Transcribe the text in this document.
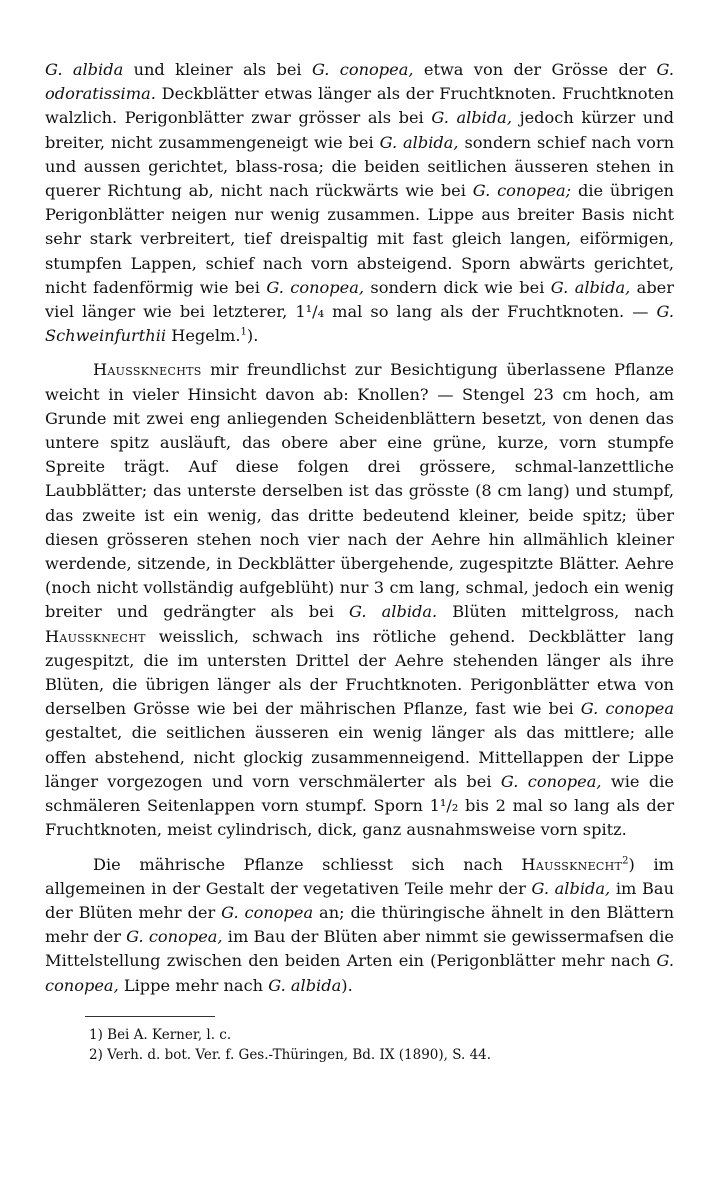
G. albida und kleiner als bei G. conopea, etwa von der Grösse der G. odoratissima. Deckblätter etwas länger als der Fruchtknoten. Fruchtknoten walzlich. Perigonblätter zwar grösser als bei G. albida, jedoch kürzer und breiter, nicht zusammengeneigt wie bei G. albida, sondern schief nach vorn und aussen gerichtet, blass-rosa; die beiden seitlichen äusseren stehen in querer Richtung ab, nicht nach rückwärts wie bei G. conopea; die übrigen Perigonblätter neigen nur wenig zusammen. Lippe aus breiter Basis nicht sehr stark verbreitert, tief dreispaltig mit fast gleich langen, eiförmigen, stumpfen Lappen, schief nach vorn absteigend. Sporn abwärts gerichtet, nicht fadenförmig wie bei G. conopea, sondern dick wie bei G. albida, aber viel länger wie bei letzterer, 1¹/₄ mal so lang als der Fruchtknoten. — G. Schweinfurthii Hegelm.$^1$).

Haussknechts mir freundlichst zur Besichtigung überlassene Pflanze weicht in vieler Hinsicht davon ab: Knollen? — Stengel 23 cm hoch, am Grunde mit zwei eng anliegenden Scheidenblättern besetzt, von denen das untere spitz ausläuft, das obere aber eine grüne, kurze, vorn stumpfe Spreite trägt. Auf diese folgen drei grössere, schmal-lanzettliche Laubblätter; das unterste derselben ist das grösste (8 cm lang) und stumpf, das zweite ist ein wenig, das dritte bedeutend kleiner, beide spitz; über diesen grösseren stehen noch vier nach der Aehre hin allmählich kleiner werdende, sitzende, in Deckblätter übergehende, zugespitzte Blätter. Aehre (noch nicht vollständig aufgeblüht) nur 3 cm lang, schmal, jedoch ein wenig breiter und gedrängter als bei G. albida. Blüten mittelgross, nach Haussknecht weisslich, schwach ins rötliche gehend. Deckblätter lang zugespitzt, die im untersten Drittel der Aehre stehenden länger als ihre Blüten, die übrigen länger als der Fruchtknoten. Perigonblätter etwa von derselben Grösse wie bei der mährischen Pflanze, fast wie bei G. conopea gestaltet, die seitlichen äusseren ein wenig länger als das mittlere; alle offen abstehend, nicht glockig zusammenneigend. Mittellappen der Lippe länger vorgezogen und vorn verschmälerter als bei G. conopea, wie die schmäleren Seitenlappen vorn stumpf. Sporn 1¹/₂ bis 2 mal so lang als der Fruchtknoten, meist cylindrisch, dick, ganz ausnahmsweise vorn spitz.

Die mährische Pflanze schliesst sich nach Haussknecht$^2$) im allgemeinen in der Gestalt der vegetativen Teile mehr der G. albida, im Bau der Blüten mehr der G. conopea an; die thüringische ähnelt in den Blättern mehr der G. conopea, im Bau der Blüten aber nimmt sie gewissermafsen die Mittelstellung zwischen den beiden Arten ein (Perigonblätter mehr nach G. conopea, Lippe mehr nach G. albida).

1) Bei A. Kerner, l. c.

2) Verh. d. bot. Ver. f. Ges.-Thüringen, Bd. IX (1890), S. 44.
